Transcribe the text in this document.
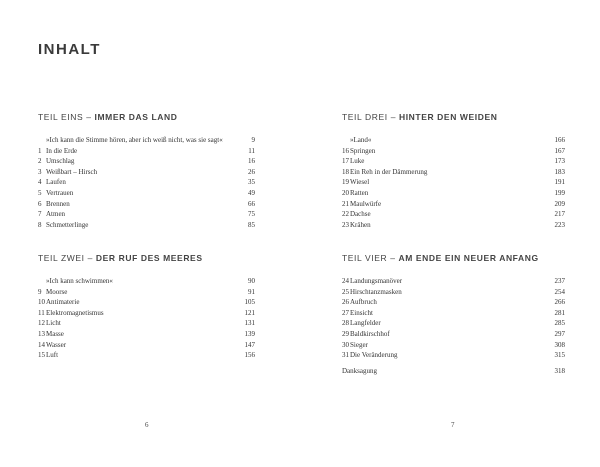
INHALT
TEIL EINS – IMMER DAS LAND
»Ich kann die Stimme hören, aber ich weiß nicht, was sie sagt«	9
1 In die Erde	11
2 Umschlag	16
3 Weißbart – Hirsch	26
4 Laufen	35
5 Vertrauen	49
6 Brennen	66
7 Atmen	75
8 Schmetterlinge	85
TEIL ZWEI – DER RUF DES MEERES
»Ich kann schwimmen«	90
9 Moorse	91
10 Antimaterie	105
11 Elektromagnetismus	121
12 Licht	131
13 Masse	139
14 Wasser	147
15 Luft	156
TEIL DREI – HINTER DEN WEIDEN
»Land«	166
16 Springen	167
17 Luke	173
18 Ein Reh in der Dämmerung	183
19 Wiesel	191
20 Ratten	199
21 Maulwürfe	209
22 Dachse	217
23 Krähen	223
TEIL VIER – AM ENDE EIN NEUER ANFANG
24 Landungsmanöver	237
25 Hirschtanzmasken	254
26 Aufbruch	266
27 Einsicht	281
28 Langfelder	285
29 Baldkirschhof	297
30 Sieger	308
31 Die Veränderung	315
Danksagung	318
6	7
